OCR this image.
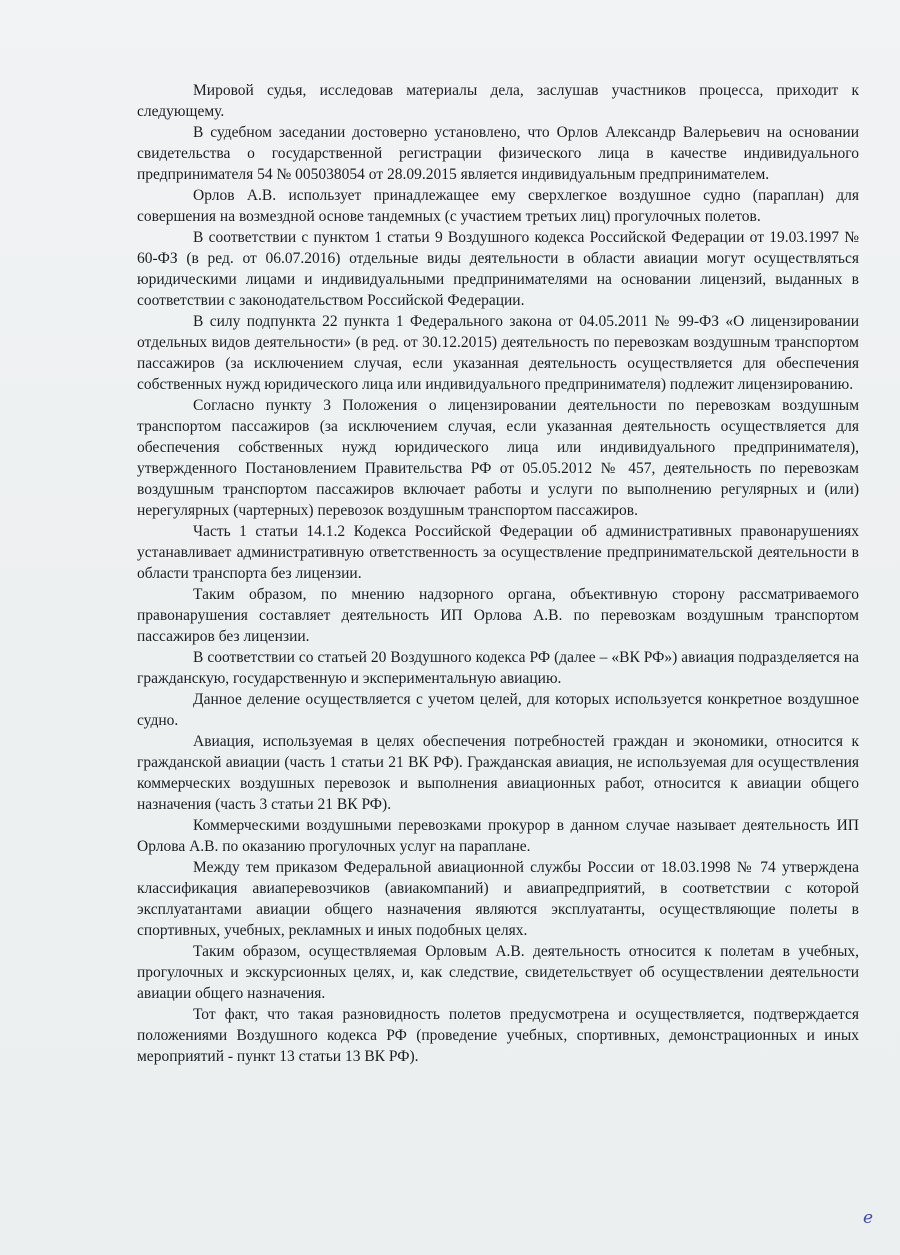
Мировой судья, исследовав материалы дела, заслушав участников процесса, приходит к следующему.

В судебном заседании достоверно установлено, что Орлов Александр Валерьевич на основании свидетельства о государственной регистрации физического лица в качестве индивидуального предпринимателя 54 № 005038054 от 28.09.2015 является индивидуальным предпринимателем.

Орлов А.В. использует принадлежащее ему сверхлегкое воздушное судно (параплан) для совершения на возмездной основе тандемных (с участием третьих лиц) прогулочных полетов.

В соответствии с пунктом 1 статьи 9 Воздушного кодекса Российской Федерации от 19.03.1997 № 60-ФЗ (в ред. от 06.07.2016) отдельные виды деятельности в области авиации могут осуществляться юридическими лицами и индивидуальными предпринимателями на основании лицензий, выданных в соответствии с законодательством Российской Федерации.

В силу подпункта 22 пункта 1 Федерального закона от 04.05.2011 № 99-ФЗ «О лицензировании отдельных видов деятельности» (в ред. от 30.12.2015) деятельность по перевозкам воздушным транспортом пассажиров (за исключением случая, если указанная деятельность осуществляется для обеспечения собственных нужд юридического лица или индивидуального предпринимателя) подлежит лицензированию.

Согласно пункту 3 Положения о лицензировании деятельности по перевозкам воздушным транспортом пассажиров (за исключением случая, если указанная деятельность осуществляется для обеспечения собственных нужд юридического лица или индивидуального предпринимателя), утвержденного Постановлением Правительства РФ от 05.05.2012 № 457, деятельность по перевозкам воздушным транспортом пассажиров включает работы и услуги по выполнению регулярных и (или) нерегулярных (чартерных) перевозок воздушным транспортом пассажиров.

Часть 1 статьи 14.1.2 Кодекса Российской Федерации об административных правонарушениях устанавливает административную ответственность за осуществление предпринимательской деятельности в области транспорта без лицензии.

Таким образом, по мнению надзорного органа, объективную сторону рассматриваемого правонарушения составляет деятельность ИП Орлова А.В. по перевозкам воздушным транспортом пассажиров без лицензии.

В соответствии со статьей 20 Воздушного кодекса РФ (далее – «ВК РФ») авиация подразделяется на гражданскую, государственную и экспериментальную авиацию.

Данное деление осуществляется с учетом целей, для которых используется конкретное воздушное судно.

Авиация, используемая в целях обеспечения потребностей граждан и экономики, относится к гражданской авиации (часть 1 статьи 21 ВК РФ). Гражданская авиация, не используемая для осуществления коммерческих воздушных перевозок и выполнения авиационных работ, относится к авиации общего назначения (часть 3 статьи 21 ВК РФ).

Коммерческими воздушными перевозками прокурор в данном случае называет деятельность ИП Орлова А.В. по оказанию прогулочных услуг на параплане.

Между тем приказом Федеральной авиационной службы России от 18.03.1998 № 74 утверждена классификация авиаперевозчиков (авиакомпаний) и авиапредприятий, в соответствии с которой эксплуатантами авиации общего назначения являются эксплуатанты, осуществляющие полеты в спортивных, учебных, рекламных и иных подобных целях.

Таким образом, осуществляемая Орловым А.В. деятельность относится к полетам в учебных, прогулочных и экскурсионных целях, и, как следствие, свидетельствует об осуществлении деятельности авиации общего назначения.

Тот факт, что такая разновидность полетов предусмотрена и осуществляется, подтверждается положениями Воздушного кодекса РФ (проведение учебных, спортивных, демонстрационных и иных мероприятий - пункт 13 статьи 13 ВК РФ).

е
